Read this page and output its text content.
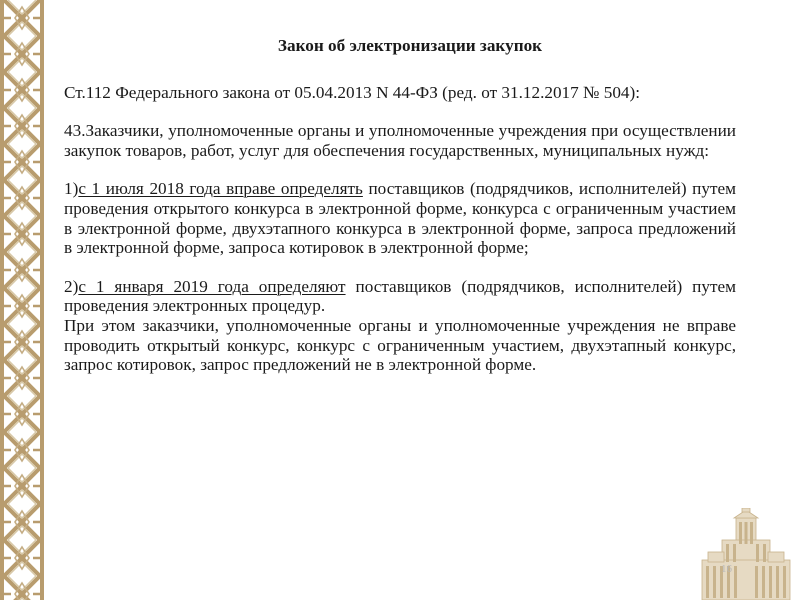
Закон об электронизации закупок

Ст.112 Федерального закона от 05.04.2013 N 44-ФЗ (ред. от 31.12.2017 № 504):

43.Заказчики, уполномоченные органы и уполномоченные учреждения при осуществлении закупок товаров, работ, услуг для обеспечения государственных, муниципальных нужд:

1)с 1 июля 2018 года вправе определять поставщиков (подрядчиков, исполнителей) путем проведения открытого конкурса в электронной форме, конкурса с ограниченным участием в электронной форме, двухэтапного конкурса в электронной форме, запроса предложений в электронной форме, запроса котировок в электронной форме;

2)с 1 января 2019 года определяют поставщиков (подрядчиков, исполнителей) путем проведения электронных процедур.

При этом заказчики, уполномоченные органы и уполномоченные учреждения не вправе проводить открытый конкурс, конкурс с ограниченным участием, двухэтапный конкурс, запрос котировок, запрос предложений не в электронной форме.

16
